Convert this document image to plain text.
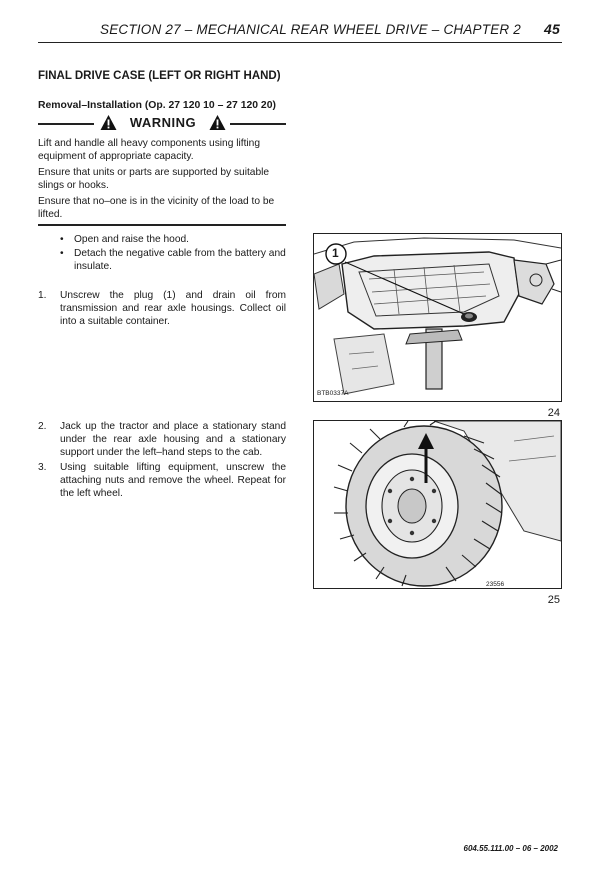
SECTION 27 – MECHANICAL REAR WHEEL DRIVE – CHAPTER 2 45
FINAL DRIVE CASE (LEFT OR RIGHT HAND)
Removal–Installation (Op. 27 120 10 – 27 120 20)
WARNING

Lift and handle all heavy components using lifting equipment of appropriate capacity.

Ensure that units or parts are supported by suitable slings or hooks.

Ensure that no–one is in the vicinity of the load to be lifted.

• Open and raise the hood.
• Detach the negative cable from the battery and insulate.
1. Unscrew the plug (1) and drain oil from transmission and rear axle housings. Collect oil into a suitable container.
2. Jack up the tractor and place a stationary stand under the rear axle housing and a stationary support under the left–hand steps to the cab.
3. Using suitable lifting equipment, unscrew the attaching nuts and remove the wheel. Repeat for the left wheel.
1
BTB0337A
24
23556
25
604.55.111.00 – 06 – 2002
